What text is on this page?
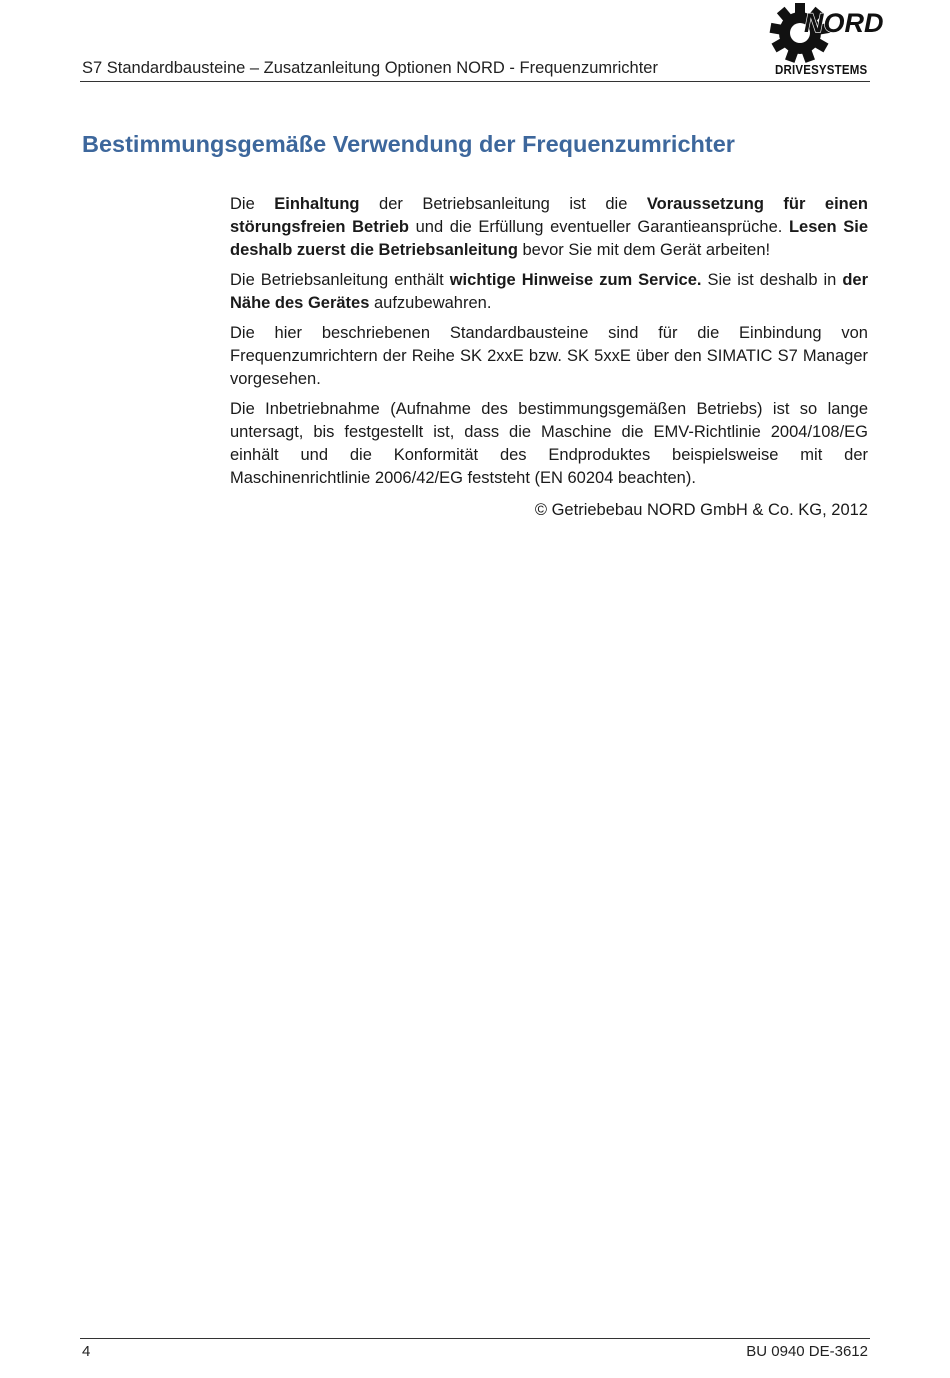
S7 Standardbausteine – Zusatzanleitung Optionen NORD - Frequenzumrichter
NORD
DRIVESYSTEMS
Bestimmungsgemäße Verwendung der Frequenzumrichter

Die Einhaltung der Betriebsanleitung ist die Voraussetzung für einen störungsfreien Betrieb und die Erfüllung eventueller Garantieansprüche. Lesen Sie deshalb zuerst die Betriebsanleitung bevor Sie mit dem Gerät arbeiten!

Die Betriebsanleitung enthält wichtige Hinweise zum Service. Sie ist deshalb in der Nähe des Gerätes aufzubewahren.

Die hier beschriebenen Standardbausteine sind für die Einbindung von Frequenzumrichtern der Reihe SK 2xxE bzw. SK 5xxE über den SIMATIC S7 Manager vorgesehen.

Die Inbetriebnahme (Aufnahme des bestimmungsgemäßen Betriebs) ist so lange untersagt, bis festgestellt ist, dass die Maschine die EMV-Richtlinie 2004/108/EG einhält und die Konformität des Endproduktes beispielsweise mit der Maschinenrichtlinie 2006/42/EG feststeht (EN 60204 beachten).

© Getriebebau NORD GmbH & Co. KG, 2012

4	BU 0940 DE-3612
